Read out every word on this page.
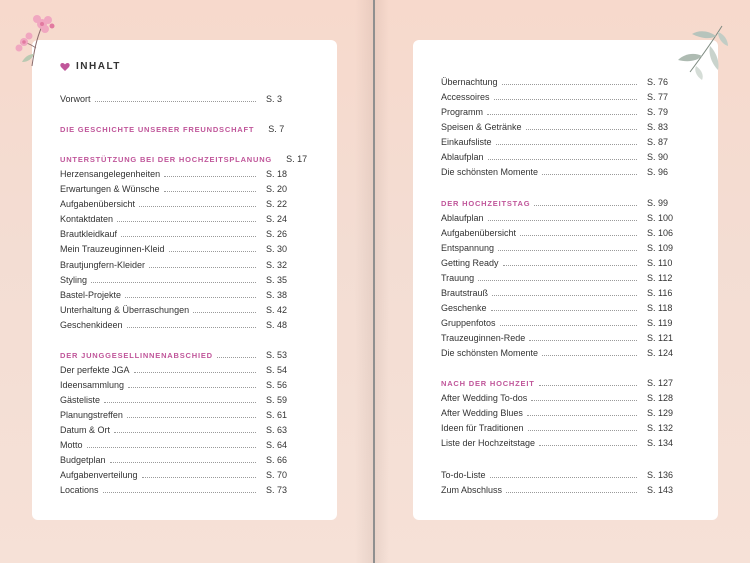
INHALT
Vorwort	S. 3
DIE GESCHICHTE UNSERER FREUNDSCHAFT	S. 7
UNTERSTÜTZUNG BEI DER HOCHZEITSPLANUNG	S. 17
Herzensangelegenheiten	S. 18
Erwartungen & Wünsche	S. 20
Aufgabenübersicht	S. 22
Kontaktdaten	S. 24
Brautkleidkauf	S. 26
Mein Trauzeuginnen-Kleid	S. 30
Brautjungfern-Kleider	S. 32
Styling	S. 35
Bastel-Projekte	S. 38
Unterhaltung & Überraschungen	S. 42
Geschenkideen	S. 48
DER JUNGGESELLINNENABSCHIED	S. 53
Der perfekte JGA	S. 54
Ideensammlung	S. 56
Gästeliste	S. 59
Planungstreffen	S. 61
Datum & Ort	S. 63
Motto	S. 64
Budgetplan	S. 66
Aufgabenverteilung	S. 70
Locations	S. 73
Übernachtung	S. 76
Accessoires	S. 77
Programm	S. 79
Speisen & Getränke	S. 83
Einkaufsliste	S. 87
Ablaufplan	S. 90
Die schönsten Momente	S. 96
DER HOCHZEITSTAG	S. 99
Ablaufplan	S. 100
Aufgabenübersicht	S. 106
Entspannung	S. 109
Getting Ready	S. 110
Trauung	S. 112
Brautstrauß	S. 116
Geschenke	S. 118
Gruppenfotos	S. 119
Trauzeuginnen-Rede	S. 121
Die schönsten Momente	S. 124
NACH DER HOCHZEIT	S. 127
After Wedding To-dos	S. 128
After Wedding Blues	S. 129
Ideen für Traditionen	S. 132
Liste der Hochzeitstage	S. 134
To-do-Liste	S. 136
Zum Abschluss	S. 143
